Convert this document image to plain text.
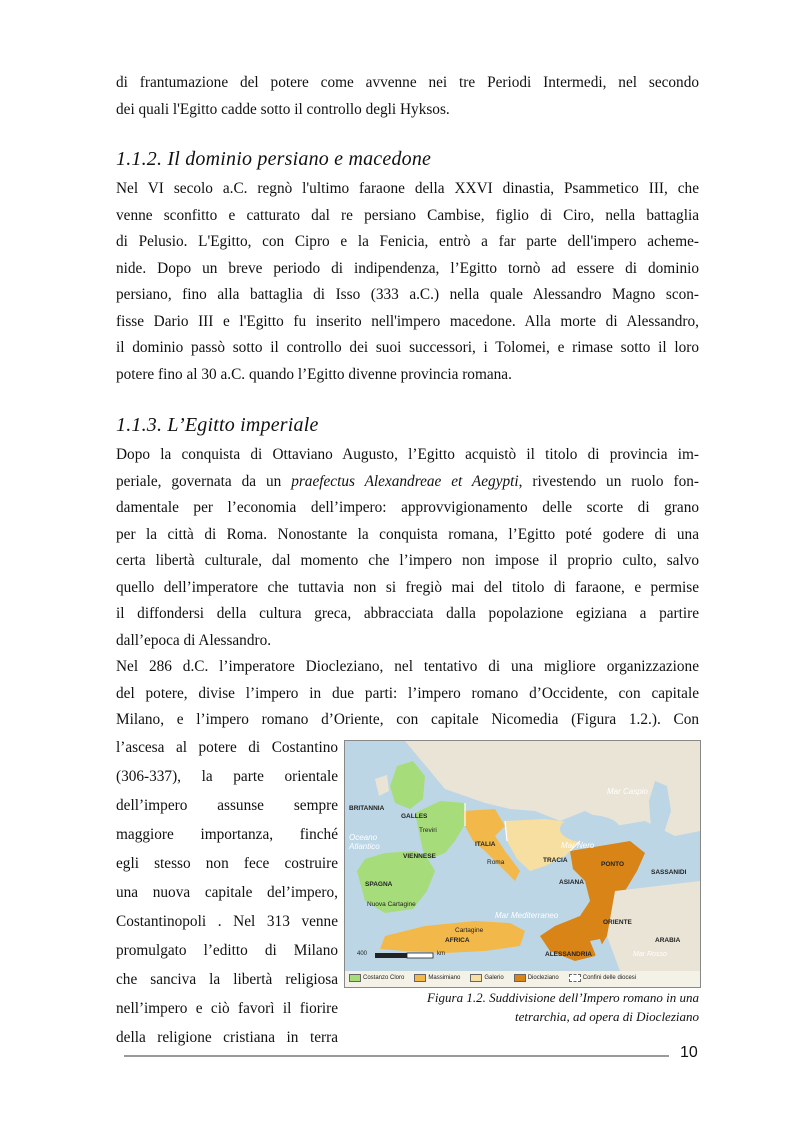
di frantumazione del potere come avvenne nei tre Periodi Intermedi, nel secondo
dei quali l'Egitto cadde sotto il controllo degli Hyksos.
1.1.2. Il dominio persiano e macedone
Nel VI secolo a.C. regnò l'ultimo faraone della XXVI dinastia, Psammetico III, che
venne sconfitto e catturato dal re persiano Cambise, figlio di Ciro, nella battaglia
di Pelusio. L'Egitto, con Cipro e la Fenicia, entrò a far parte dell'impero acheme-
nide. Dopo un breve periodo di indipendenza, l’Egitto tornò ad essere di dominio
persiano, fino alla battaglia di Isso (333 a.C.) nella quale Alessandro Magno scon-
fisse Dario III e l'Egitto fu inserito nell'impero macedone. Alla morte di Alessandro,
il dominio passò sotto il controllo dei suoi successori, i Tolomei, e rimase sotto il loro
potere fino al 30 a.C. quando l’Egitto divenne provincia romana.
1.1.3. L’Egitto imperiale
Dopo la conquista di Ottaviano Augusto, l’Egitto acquistò il titolo di provincia im-
periale, governata da un praefectus Alexandreae et Aegypti, rivestendo un ruolo fon-
damentale per l’economia dell’impero: approvvigionamento delle scorte di grano
per la città di Roma. Nonostante la conquista romana, l’Egitto poté godere di una
certa libertà culturale, dal momento che l’impero non impose il proprio culto, salvo
quello dell’imperatore che tuttavia non si fregiò mai del titolo di faraone, e permise
il diffondersi della cultura greca, abbracciata dalla popolazione egiziana a partire
dall’epoca di Alessandro.
Nel 286 d.C. l’imperatore Diocleziano, nel tentativo di una migliore organizzazione
del potere, divise l’impero in due parti: l’impero romano d’Occidente, con capitale
Milano, e l’impero romano d’Oriente, con capitale Nicomedia (Figura 1.2.). Con
l’ascesa al potere di Costantino
(306-337), la parte orientale
dell’impero assunse sempre
maggiore importanza, finché
egli stesso non fece costruire
una nuova capitale del’impero,
Costantinopoli . Nel 313 venne
promulgato l’editto di Milano
che sanciva la libertà religiosa
nell’impero e ciò favorì il fiorire
della religione cristiana in terra
BRITANNIA
Oceano
Atlantico
GALLES
Treviri
VIENNESE
SPAGNA
Nuova Cartagine
Roma
ITALIA	Mar Nero
Mar Caspio
PONTO
TRACIA
ASIANA
ORIENTE
SASSANIDI
Mar Mediterraneo
AFRICA
Cartagine
ALESSANDRIA
ARABIA
Mar Rosso
400	km
Costanzo Cloro	Massimiano	Galerio	Diocleziano	Confini delle diocesi
Figura 1.2. Suddivisione dell’Impero romano in una
tetrarchia, ad opera di Diocleziano
10
